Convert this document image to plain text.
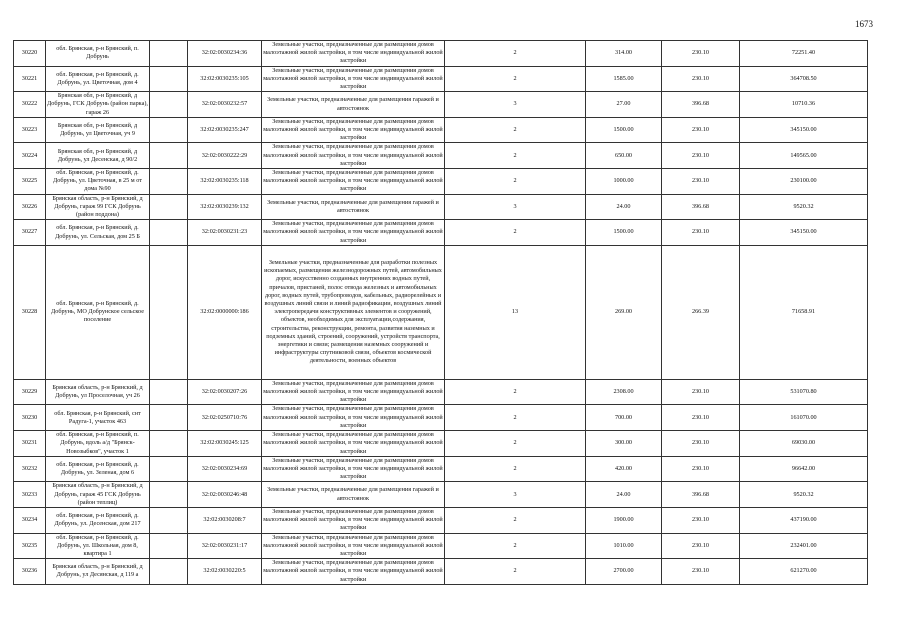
1673
30220	обл. Брянская, р-н Брянский, п. Добрунь		32:02:0030234:36	Земельные участки, предназначенные для размещения домов малоэтажной жилой застройки, в том числе индивидуальной жилой застройки	2	314.00	230.10	72251.40
30221	обл. Брянская, р-н Брянский, д. Добрунь, ул. Цветочная, дом 4		32:02:0030235:105	Земельные участки, предназначенные для размещения домов малоэтажной жилой застройки, в том числе индивидуальной жилой застройки	2	1585.00	230.10	364708.50
30222	Брянская обл, р-н Брянский, д Добрунь, ГСК Добрунь (район парка), гараж 26		32:02:0030232:57	Земельные участки, предназначенные для размещения гаражей и автостоянок	3	27.00	396.68	10710.36
30223	Брянская обл, р-н Брянский, д Добрунь, ул Цветочная, уч 9		32:02:0030235:247	Земельные участки, предназначенные для размещения домов малоэтажной жилой застройки, в том числе индивидуальной жилой застройки	2	1500.00	230.10	345150.00
30224	Брянская обл, р-н Брянский, д Добрунь, ул Десенская, д 90/2		32:02:0030222:29	Земельные участки, предназначенные для размещения домов малоэтажной жилой застройки, в том числе индивидуальной жилой застройки	2	650.00	230.10	149565.00
30225	обл. Брянская, р-н Брянский, д. Добрунь, ул. Цветочная, в 25 м от дома №90		32:02:0030235:118	Земельные участки, предназначенные для размещения домов малоэтажной жилой застройки, в том числе индивидуальной жилой застройки	2	1000.00	230.10	230100.00
30226	Брянская область, р-н Брянский, д Добрунь, гараж 99 ГСК Добрунь (район поддона)		32:02:0030239:132	Земельные участки, предназначенные для размещения гаражей и автостоянок	3	24.00	396.68	9520.32
30227	обл. Брянская, р-н Брянский, д. Добрунь, ул. Сельская, дом 25 Б		32:02:0030231:23	Земельные участки, предназначенные для размещения домов малоэтажной жилой застройки, в том числе индивидуальной жилой застройки	2	1500.00	230.10	345150.00
30228	обл. Брянская, р-н Брянский, д. Добрунь, МО Добрунское сельское поселение		32:02:0000000:186	Земельные участки, предназначенные для разработки полезных ископаемых, размещения железнодорожных путей, автомобильных дорог, искусственно созданных внутренних водных путей, причалов, пристаней, полос отвода железных и автомобильных дорог, водных путей, трубопроводов, кабельных, радиорелейных и воздушных линий связи и линий радиофикации, воздушных линий электропередачи конструктивных элементов и сооружений, объектов, необходимых для эксплуатации,содержания, строительства, реконструкции, ремонта, развития наземных и подземных зданий, строений, сооружений, устройств транспорта, энергетики и связи; размещения наземных сооружений и инфраструктуры спутниковой связи, объектов космической деятельности, военных объектов	13	269.00	266.39	71658.91
30229	Брянская область, р-н Брянский, д Добрунь, ул Проселочная, уч 26		32:02:0030207:26	Земельные участки, предназначенные для размещения домов малоэтажной жилой застройки, в том числе индивидуальной жилой застройки	2	2308.00	230.10	531070.80
30230	обл. Брянская, р-н Брянский, снт Радуга-1, участок 463		32:02:0250710:76	Земельные участки, предназначенные для размещения домов малоэтажной жилой застройки, в том числе индивидуальной жилой застройки	2	700.00	230.10	161070.00
30231	обл. Брянская, р-н Брянский, п. Добрунь, вдоль а/д "Брянск-Новозыбков", участок 1		32:02:0030245:125	Земельные участки, предназначенные для размещения домов малоэтажной жилой застройки, в том числе индивидуальной жилой застройки	2	300.00	230.10	69030.00
30232	обл. Брянская, р-н Брянский, д. Добрунь, ул. Зеленая, дом 6		32:02:0030234:69	Земельные участки, предназначенные для размещения домов малоэтажной жилой застройки, в том числе индивидуальной жилой застройки	2	420.00	230.10	96642.00
30233	Брянская область, р-н Брянский, д Добрунь, гараж 45 ГСК Добрунь (район теплиц)		32:02:0030246:48	Земельные участки, предназначенные для размещения гаражей и автостоянок	3	24.00	396.68	9520.32
30234	обл. Брянская, р-н Брянский, д. Добрунь, ул. Десенская, дом 217		32:02:0030208:7	Земельные участки, предназначенные для размещения домов малоэтажной жилой застройки, в том числе индивидуальной жилой застройки	2	1900.00	230.10	437190.00
30235	обл. Брянская, р-н Брянский, д. Добрунь, ул. Школьная, дом 8, квартира 1		32:02:0030231:17	Земельные участки, предназначенные для размещения домов малоэтажной жилой застройки, в том числе индивидуальной жилой застройки	2	1010.00	230.10	232401.00
30236	Брянская область, р-н Брянский, д Добрунь, ул Десянская, д 119 а		32:02:0030220:5	Земельные участки, предназначенные для размещения домов малоэтажной жилой застройки, в том числе индивидуальной жилой застройки	2	2700.00	230.10	621270.00
